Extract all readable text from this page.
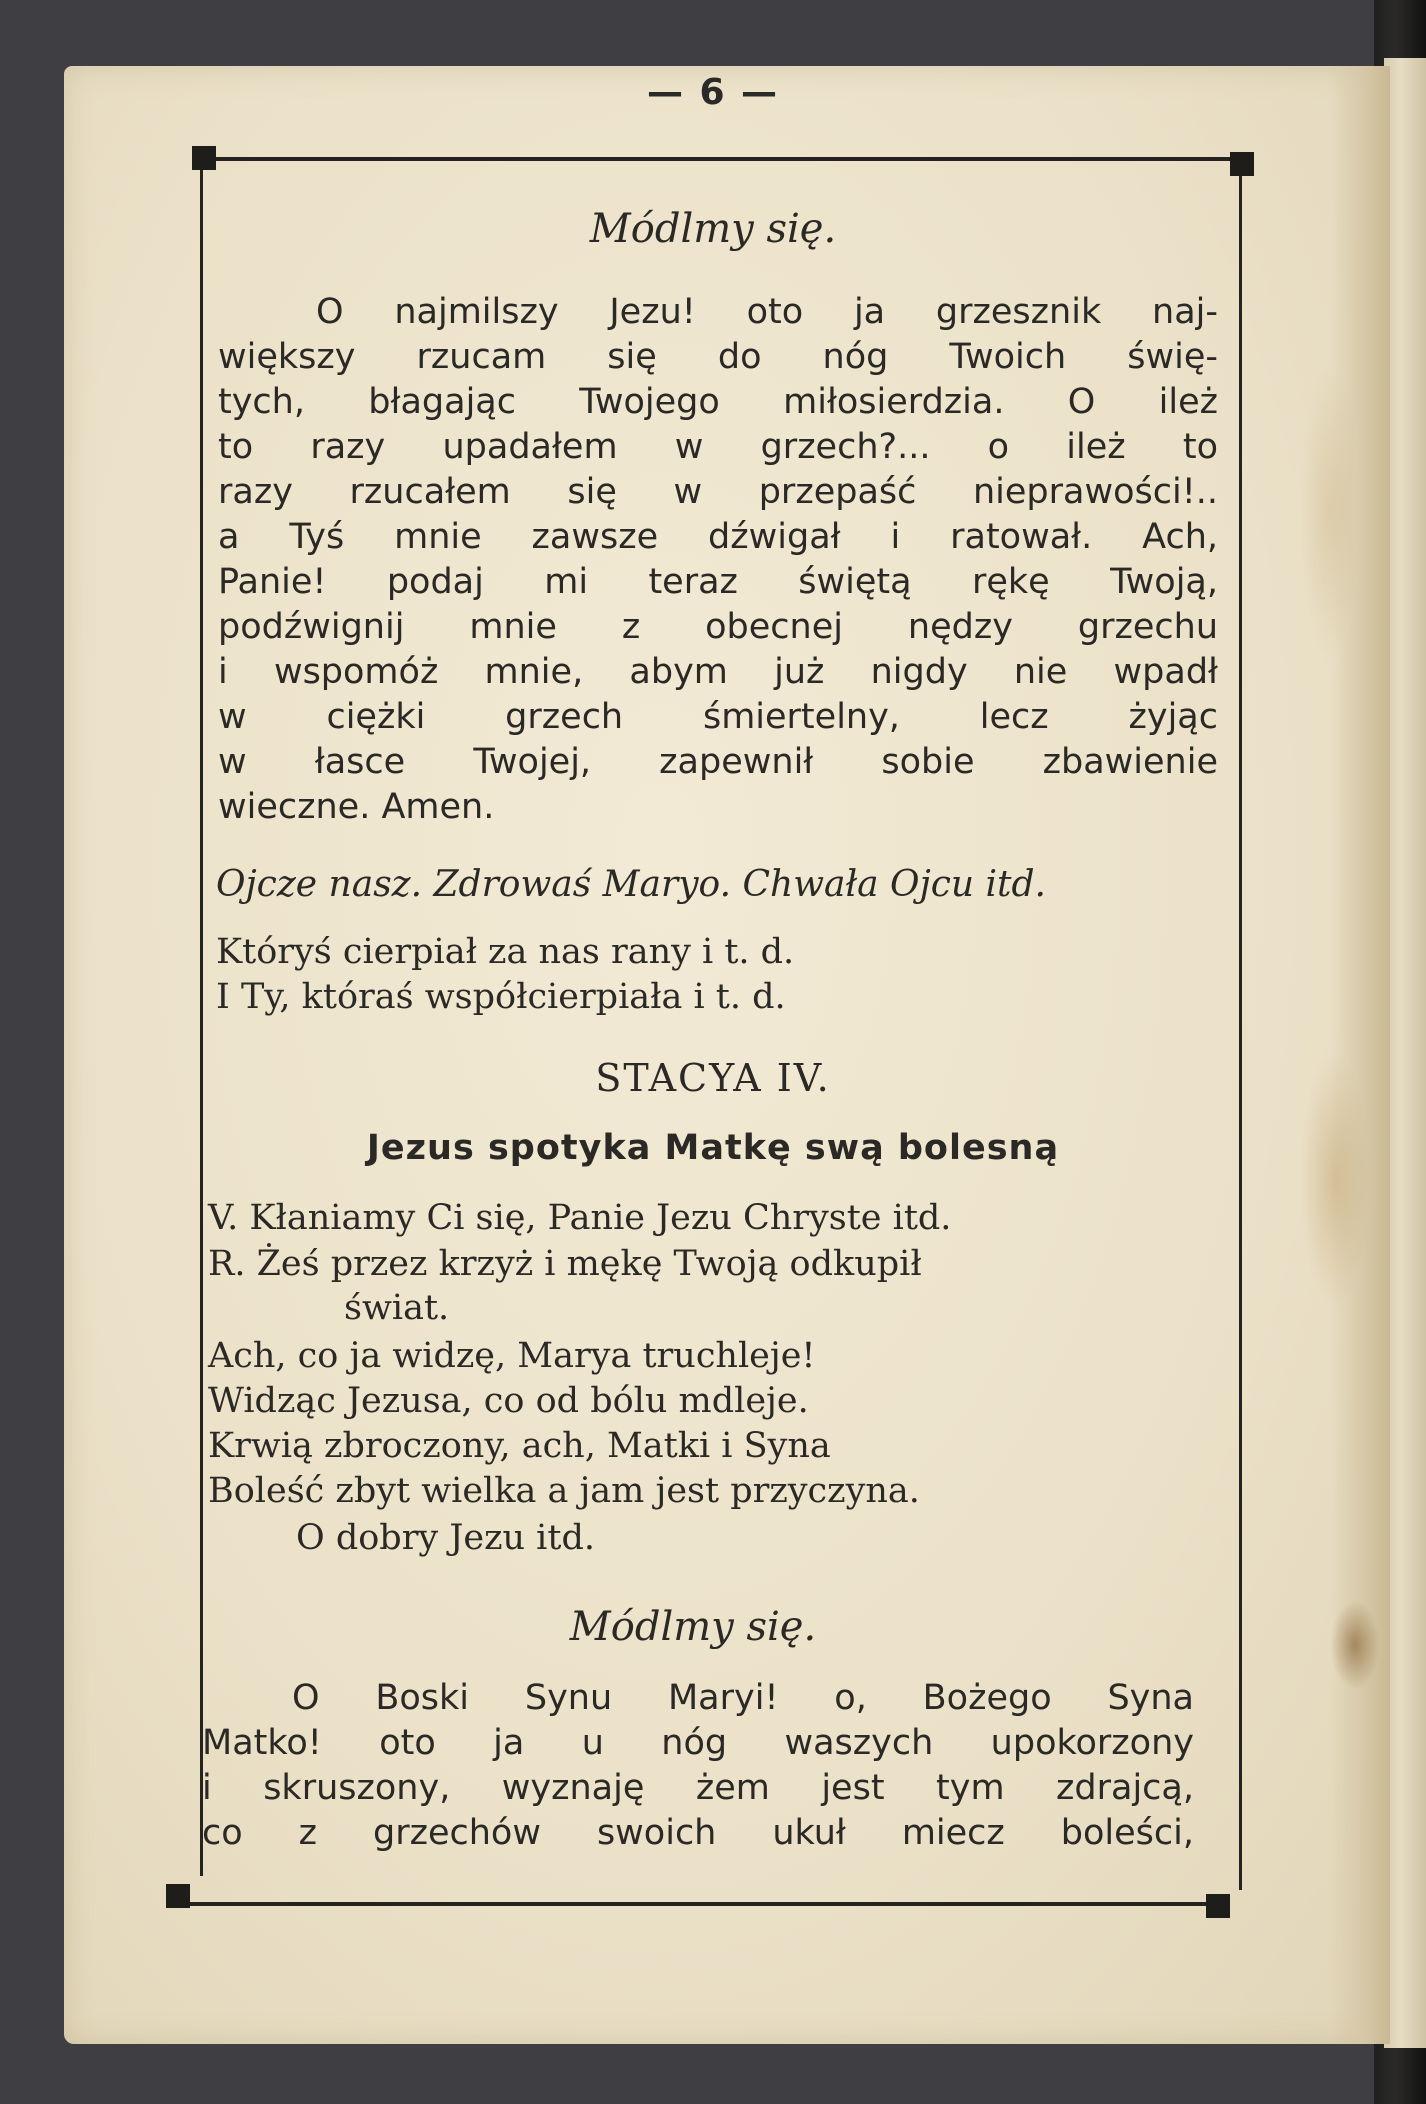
— 6 —
Módlmy się.
O najmilszy Jezu! oto ja grzesznik naj-
większy rzucam się do nóg Twoich świę-
tych, błagając Twojego miłosierdzia. O ileż
to razy upadałem w grzech?... o ileż to
razy rzucałem się w przepaść nieprawości!..
a Tyś mnie zawsze dźwigał i ratował. Ach,
Panie! podaj mi teraz świętą rękę Twoją,
podźwignij mnie z obecnej nędzy grzechu
i wspomóż mnie, abym już nigdy nie wpadł
w ciężki grzech śmiertelny, lecz żyjąc
w łasce Twojej, zapewnił sobie zbawienie
wieczne. Amen.
Ojcze nasz. Zdrowaś Maryo. Chwała Ojcu itd.
Któryś cierpiał za nas rany i t. d.
I Ty, któraś współcierpiała i t. d.
STACYA IV.
Jezus spotyka Matkę swą bolesną
V. Kłaniamy Ci się, Panie Jezu Chryste itd.
R. Żeś przez krzyż i mękę Twoją odkupił
świat.
Ach, co ja widzę, Marya truchleje!
Widząc Jezusa, co od bólu mdleje.
Krwią zbroczony, ach, Matki i Syna
Boleść zbyt wielka a jam jest przyczyna.
O dobry Jezu itd.
Módlmy się.
O Boski Synu Maryi! o, Bożego Syna
Matko! oto ja u nóg waszych upokorzony
i skruszony, wyznaję żem jest tym zdrajcą,
co z grzechów swoich ukuł miecz boleści,
